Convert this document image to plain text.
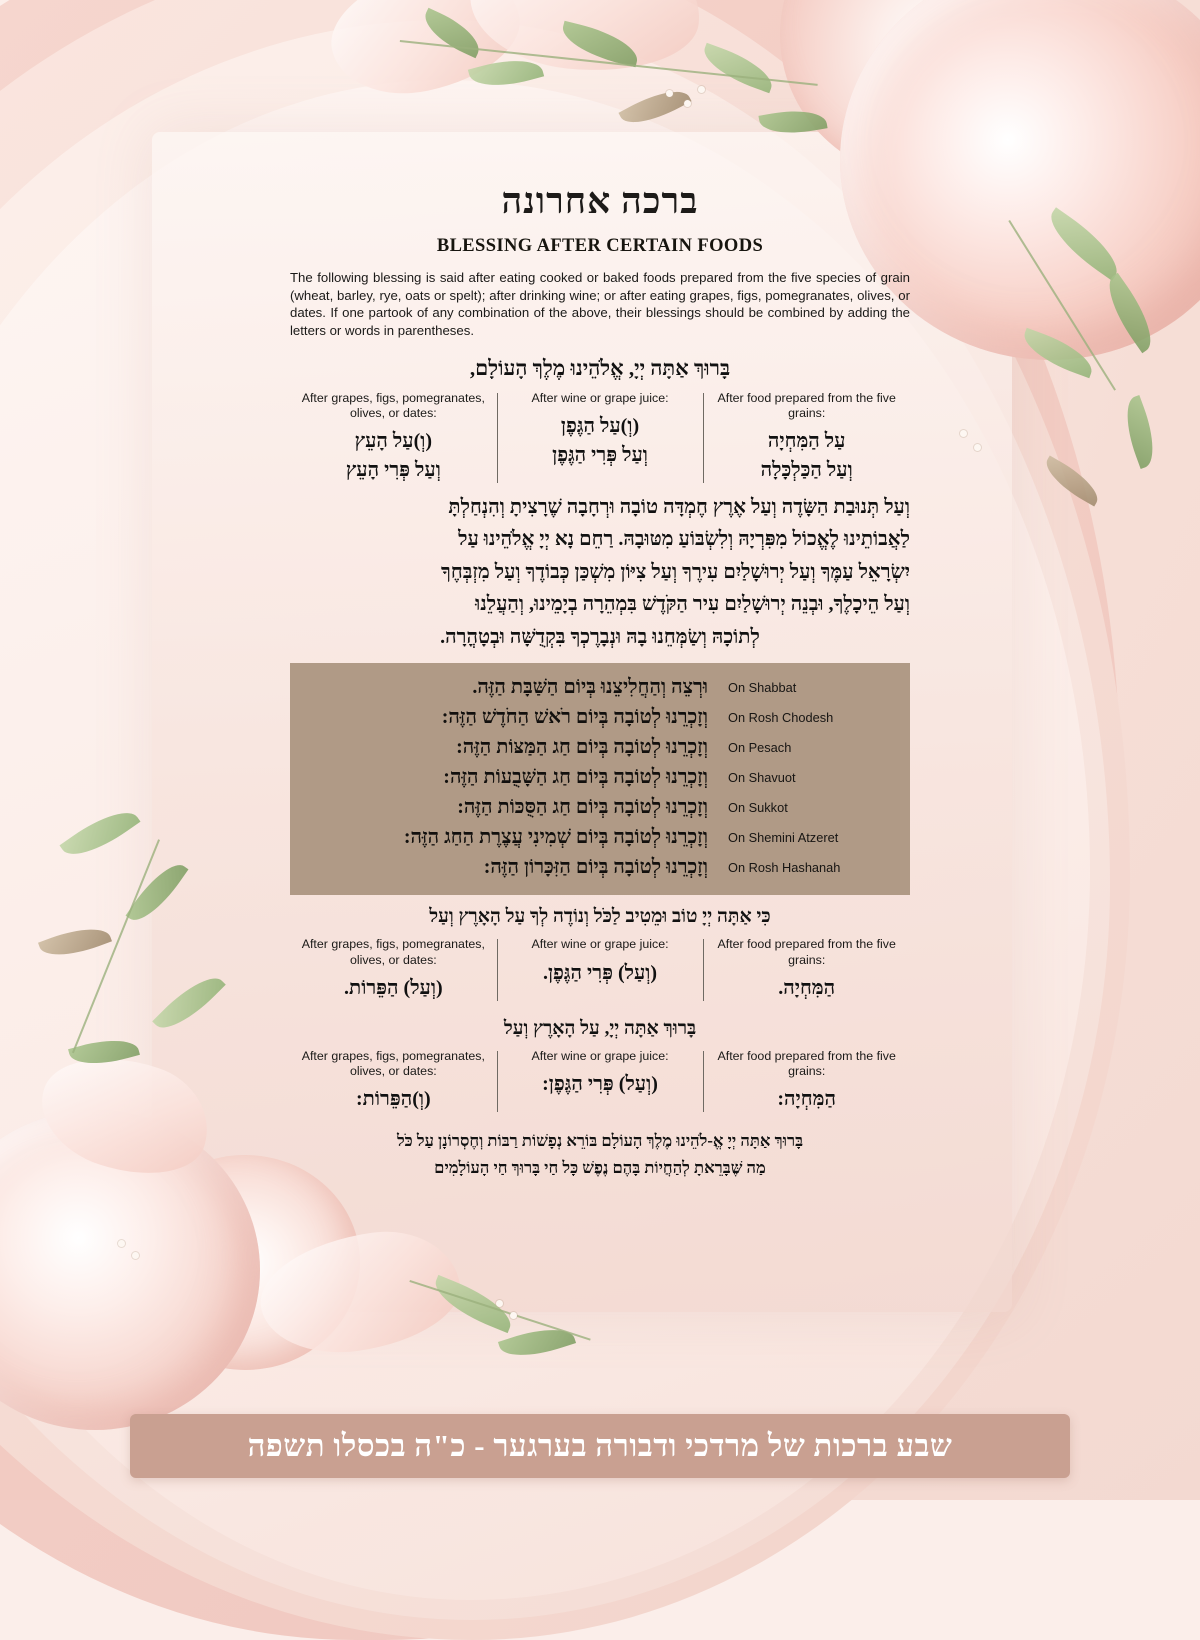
ברכה אחרונה
BLESSING AFTER CERTAIN FOODS

The following blessing is said after eating cooked or baked foods prepared from the five species of grain (wheat, barley, rye, oats or spelt); after drinking wine; or after eating grapes, figs, pomegranates, olives, or dates. If one partook of any combination of the above, their blessings should be combined by adding the letters or words in parentheses.

בָּרוּךְ אַתָּה יְיָ, אֱלֹהֵינוּ מֶלֶךְ הָעוֹלָם,
After grapes, figs, pomegranates, olives, or dates:
(וְ)עַל הָעֵץ
וְעַל פְּרִי הָעֵץ
After wine or grape juice:
(וְ)עַל הַגֶּפֶן
וְעַל פְּרִי הַגֶּפֶן
After food prepared from the five grains:
עַל הַמִּחְיָה
וְעַל הַכַּלְכָּלָה
וְעַל תְּנוּבַת הַשָּׂדֶה וְעַל אֶרֶץ חֶמְדָּה טוֹבָה וּרְחָבָה שֶׁרָצִיתָ וְהִנְחַלְתָּ
לַאֲבוֹתֵינוּ לֶאֱכוֹל מִפִּרְיָהּ וְלִשְׂבּוֹעַ מִטּוּבָהּ. רַחֵם נָא יְיָ אֱלֹהֵינוּ עַל
יִשְׂרָאֵל עַמֶּךָ וְעַל יְרוּשָׁלַיִם עִירֶךָ וְעַל צִיּוֹן מִשְׁכַּן כְּבוֹדֶךָ וְעַל מִזְבְּחֶךָ
וְעַל הֵיכָלֶךָ, וּבְנֵה יְרוּשָׁלַיִם עִיר הַקֹּדֶשׁ בִּמְהֵרָה בְיָמֵינוּ, וְהַעֲלֵנוּ
לְתוֹכָהּ וְשַׂמְּחֵנוּ בָהּ וּנְבָרֶכְךָ בִּקְדֻשָּׁה וּבְטָהֳרָה.
וּרְצֵה וְהַחֲלִיצֵנוּ בְּיוֹם הַשַּׁבָּת הַזֶּה.	On Shabbat
וְזָכְרֵנוּ לְטוֹבָה בְּיוֹם רֹאשׁ הַחֹדֶשׁ הַזֶּה:	On Rosh Chodesh
וְזָכְרֵנוּ לְטוֹבָה בְּיוֹם חַג הַמַּצּוֹת הַזֶּה:	On Pesach
וְזָכְרֵנוּ לְטוֹבָה בְּיוֹם חַג הַשָּׁבֻעוֹת הַזֶּה:	On Shavuot
וְזָכְרֵנוּ לְטוֹבָה בְּיוֹם חַג הַסֻּכּוֹת הַזֶּה:	On Sukkot
וְזָכְרֵנוּ לְטוֹבָה בְּיוֹם שְׁמִינִי עֲצֶרֶת הַחַג הַזֶּה:	On Shemini Atzeret
וְזָכְרֵנוּ לְטוֹבָה בְּיוֹם הַזִּכָּרוֹן הַזֶּה:	On Rosh Hashanah
כִּי אַתָּה יְיָ טוֹב וּמֵטִיב לַכֹּל וְנוֹדֶה לְךָ עַל הָאָרֶץ וְעַל
After grapes, figs, pomegranates, olives, or dates:
(וְעַל) הַפֵּרוֹת.
After wine or grape juice:
(וְעַל) פְּרִי הַגֶּפֶן.
After food prepared from the five grains:
הַמִּחְיָה.
בָּרוּךְ אַתָּה יְיָ, עַל הָאָרֶץ וְעַל
After grapes, figs, pomegranates, olives, or dates:
(וְ)הַפֵּרוֹת:
After wine or grape juice:
(וְעַל) פְּרִי הַגֶּפֶן:
After food prepared from the five grains:
הַמִּחְיָה:
בָּרוּךְ אַתָּה יְיָ אֱ-לֹהֵינוּ מֶלֶךְ הָעוֹלָם בּוֹרֵא נְפָשׁוֹת רַבּוֹת וְחֶסְרוֹנָן עַל כֹּל
מַה שֶּׁבָּרֵאתָ לְהַחֲיוֹת בָּהֶם נֶפֶשׁ כָּל חַי בָּרוּךְ חַי הָעוֹלָמִים
שבע ברכות של מרדכי ודבורה בערגער - כ"ה בכסלו תשפה
